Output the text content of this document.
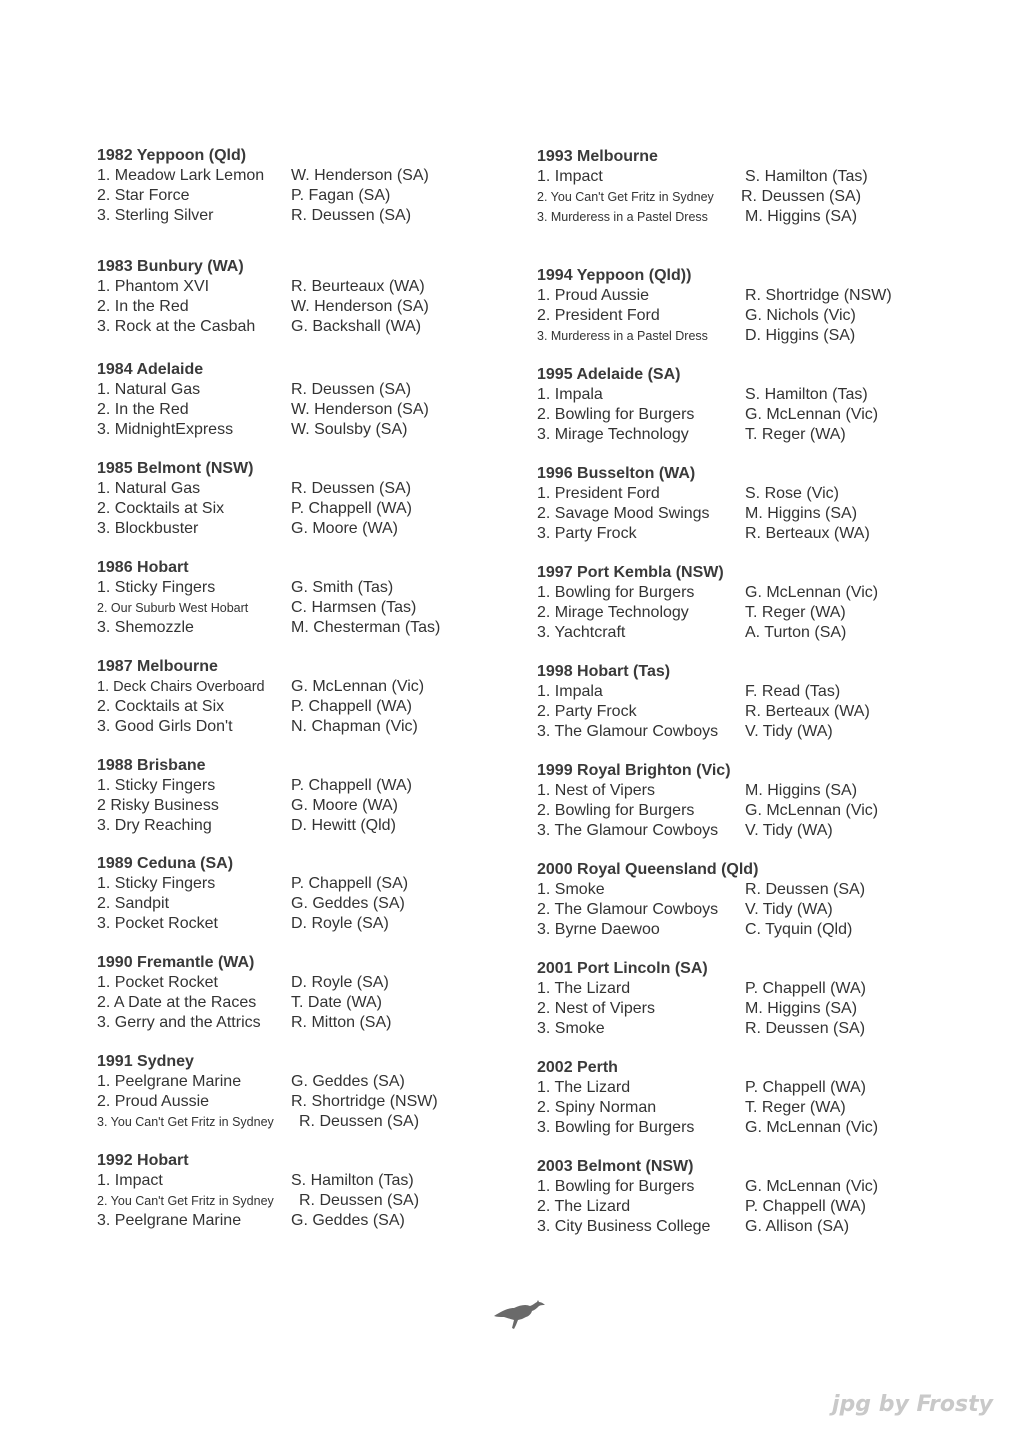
1982 Yeppoon (Qld)
1. Meadow Lark Lemon W. Henderson (SA)
2. Star Force	P. Fagan (SA)
3. Sterling Silver	R. Deussen (SA)
1983 Bunbury (WA)
1. Phantom XVI	R. Beurteaux (WA)
2. In the Red	W. Henderson (SA)
3. Rock at the Casbah G. Backshall (WA)
1984 Adelaide
1. Natural Gas	R. Deussen (SA)
2. In the Red	W. Henderson (SA)
3. MidnightExpress	W. Soulsby (SA)
1985 Belmont (NSW)
1. Natural Gas	R. Deussen (SA)
2. Cocktails at Six	P. Chappell (WA)
3. Blockbuster	G. Moore (WA)
1986 Hobart
1. Sticky Fingers	G. Smith (Tas)
2. Our Suburb West Hobart	C. Harmsen (Tas)
3. Shemozzle	M. Chesterman (Tas)
1987 Melbourne
1. Deck Chairs Overboard G. McLennan (Vic)
2. Cocktails at Six	P. Chappell (WA)
3. Good Girls Don't	N. Chapman (Vic)
1988 Brisbane
1. Sticky Fingers	P. Chappell (WA)
2 Risky Business	G. Moore (WA)
3. Dry Reaching	D. Hewitt (Qld)
1989 Ceduna (SA)
1. Sticky Fingers	P. Chappell (SA)
2. Sandpit	G. Geddes (SA)
3. Pocket Rocket	D. Royle (SA)
1990 Fremantle (WA)
1. Pocket Rocket	D. Royle (SA)
2. A Date at the Races T. Date (WA)
3. Gerry and the Attrics R. Mitton (SA)
1991 Sydney
1. Peelgrane Marine	G. Geddes (SA)
2. Proud Aussie	R. Shortridge (NSW)
3. You Can't Get Fritz in Sydney R. Deussen (SA)
1992 Hobart
1. Impact	S. Hamilton (Tas)
2. You Can't Get Fritz in Sydney R. Deussen (SA)
3. Peelgrane Marine	G. Geddes (SA)
1993 Melbourne
1. Impact	S. Hamilton (Tas)
2. You Can't Get Fritz in Sydney R. Deussen (SA)
3. Murderess in a Pastel Dress M. Higgins (SA)
1994 Yeppoon (Qld))
1. Proud Aussie	R. Shortridge (NSW)
2. President Ford	G. Nichols (Vic)
3. Murderess in a Pastel Dress D. Higgins (SA)
1995 Adelaide (SA)
1. Impala	S. Hamilton (Tas)
2. Bowling for Burgers	G. McLennan (Vic)
3. Mirage Technology	T. Reger (WA)
1996 Busselton (WA)
1. President Ford	S. Rose (Vic)
2. Savage Mood Swings M. Higgins (SA)
3. Party Frock	R. Berteaux (WA)
1997 Port Kembla (NSW)
1. Bowling for Burgers	G. McLennan (Vic)
2. Mirage Technology	T. Reger (WA)
3. Yachtcraft	A. Turton (SA)
1998 Hobart (Tas)
1. Impala	F. Read (Tas)
2. Party Frock	R. Berteaux (WA)
3. The Glamour Cowboys V. Tidy (WA)
1999 Royal Brighton (Vic)
1. Nest of Vipers	M. Higgins (SA)
2. Bowling for Burgers	G. McLennan (Vic)
3. The Glamour Cowboys V. Tidy (WA)
2000 Royal Queensland (Qld)
1. Smoke	R. Deussen (SA)
2. The Glamour Cowboys V. Tidy (WA)
3. Byrne Daewoo	C. Tyquin (Qld)
2001 Port Lincoln (SA)
1. The Lizard	P. Chappell (WA)
2. Nest of Vipers	M. Higgins (SA)
3. Smoke	R. Deussen (SA)
2002 Perth
1. The Lizard	P. Chappell (WA)
2. Spiny Norman	T. Reger (WA)
3. Bowling for Burgers	G. McLennan (Vic)
2003 Belmont (NSW)
1. Bowling for Burgers	G. McLennan (Vic)
2. The Lizard	P. Chappell (WA)
3. City Business College G. Allison (SA)
jpg by Frosty
